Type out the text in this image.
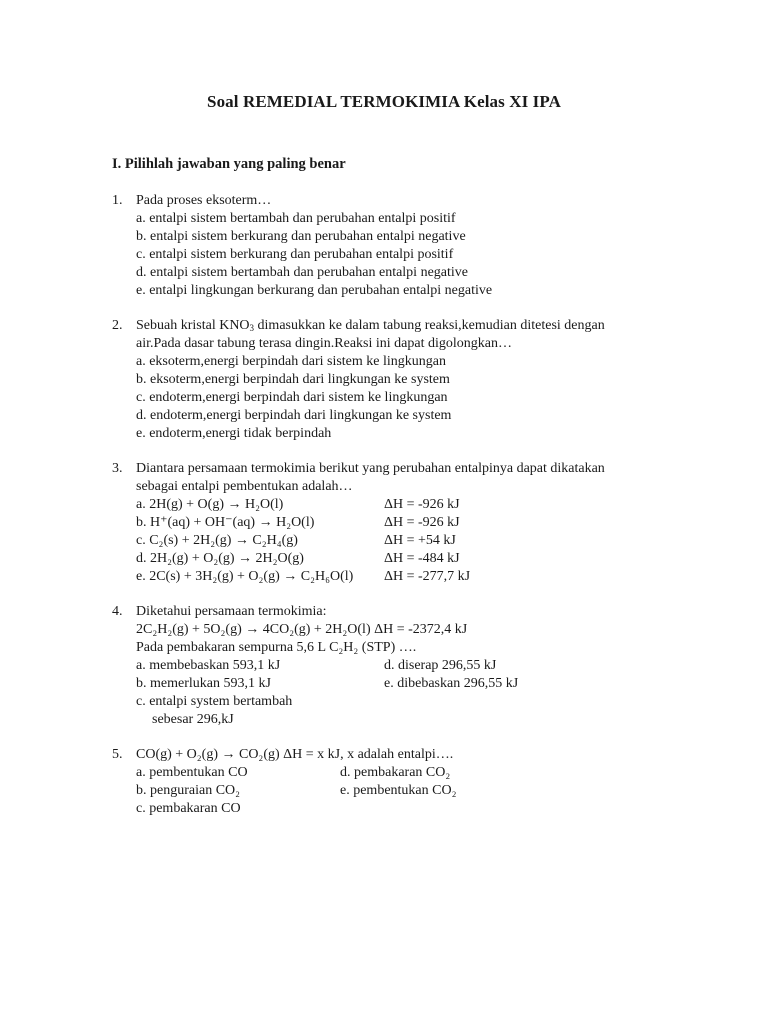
Soal REMEDIAL TERMOKIMIA Kelas XI IPA
I. Pilihlah jawaban yang paling benar
1. Pada proses eksoterm…
a. entalpi sistem bertambah dan perubahan entalpi positif
b. entalpi sistem berkurang dan perubahan entalpi negative
c. entalpi sistem berkurang dan perubahan entalpi positif
d. entalpi sistem bertambah dan perubahan entalpi negative
e. entalpi lingkungan berkurang dan perubahan entalpi negative
2. Sebuah kristal $KNO_3$ dimasukkan ke dalam tabung reaksi,kemudian ditetesi dengan
air.Pada dasar tabung terasa dingin.Reaksi ini dapat digolongkan…
a. eksoterm,energi berpindah dari sistem ke lingkungan
b. eksoterm,energi berpindah dari lingkungan ke system
c. endoterm,energi berpindah dari sistem ke lingkungan
d. endoterm,energi berpindah dari lingkungan ke system
e. endoterm,energi tidak berpindah
3. Diantara persamaan termokimia berikut yang perubahan entalpinya dapat dikatakan
sebagai entalpi pembentukan adalah…
a. 2H(g) + O(g) → H₂O(l)	ΔH = -926 kJ
b. H⁺(aq) + OH⁻(aq) → H₂O(l)	ΔH = -926 kJ
c. C₂(s) + 2H₂(g) → C₂H₄(g)	ΔH = +54 kJ
d. 2H₂(g) + O₂(g) → 2H₂O(g)	ΔH = -484 kJ
e. 2C(s) + 3H₂(g) + O₂(g) → C₂H₆O(l) ΔH = -277,7 kJ
4. Diketahui persamaan termokimia:
2C₂H₂(g) + 5O₂(g) → 4CO₂(g) + 2H₂O(l) ΔH = -2372,4 kJ
Pada pembakaran sempurna 5,6 L C₂H₂ (STP) ….
a. membebaskan 593,1 kJ	d. diserap 296,55 kJ
b. memerlukan 593,1 kJ	e. dibebaskan 296,55 kJ
c. entalpi system bertambah
sebesar 296,kJ
5. CO(g) + O₂(g) → CO₂(g) ΔH = x kJ, x adalah entalpi….
a. pembentukan CO	d. pembakaran CO₂
b. penguraian CO₂	e. pembentukan CO₂
c. pembakaran CO
